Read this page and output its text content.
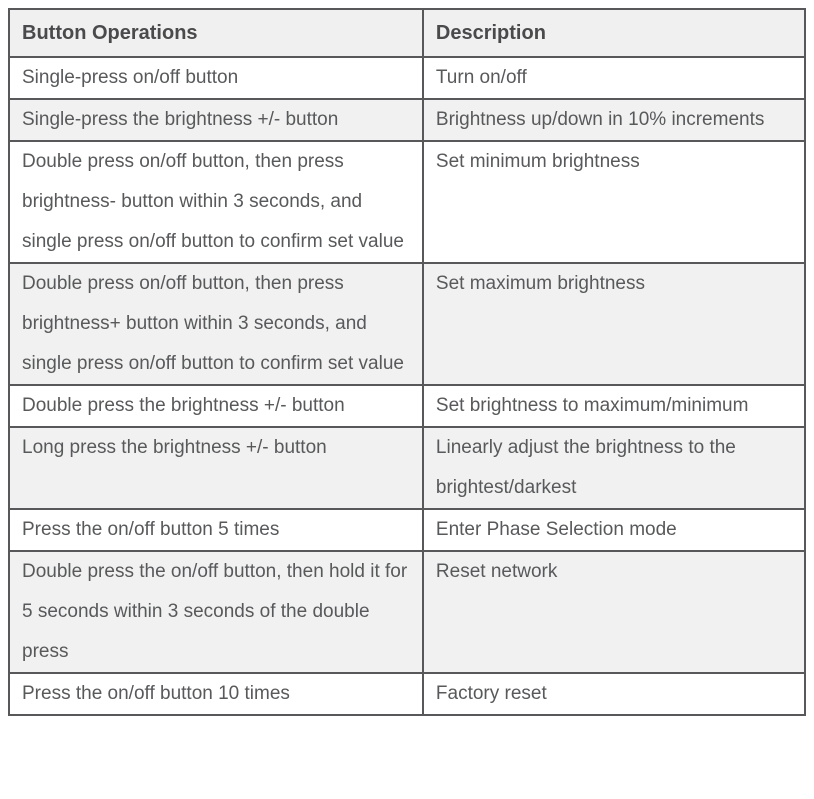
Button Operations	Description
Single-press on/off button	Turn on/off
Single-press the brightness +/- button	Brightness up/down in 10% increments
Double press on/off button, then press brightness- button within 3 seconds, and single press on/off button to confirm set value	Set minimum brightness
Double press on/off button, then press brightness+ button within 3 seconds, and single press on/off button to confirm set value	Set maximum brightness
Double press the brightness +/- button	Set brightness to maximum/minimum
Long press the brightness +/- button	Linearly adjust the brightness to the brightest/darkest
Press the on/off button 5 times	Enter Phase Selection mode
Double press the on/off button, then hold it for 5 seconds within 3 seconds of the double press	Reset network
Press the on/off button 10 times	Factory reset
